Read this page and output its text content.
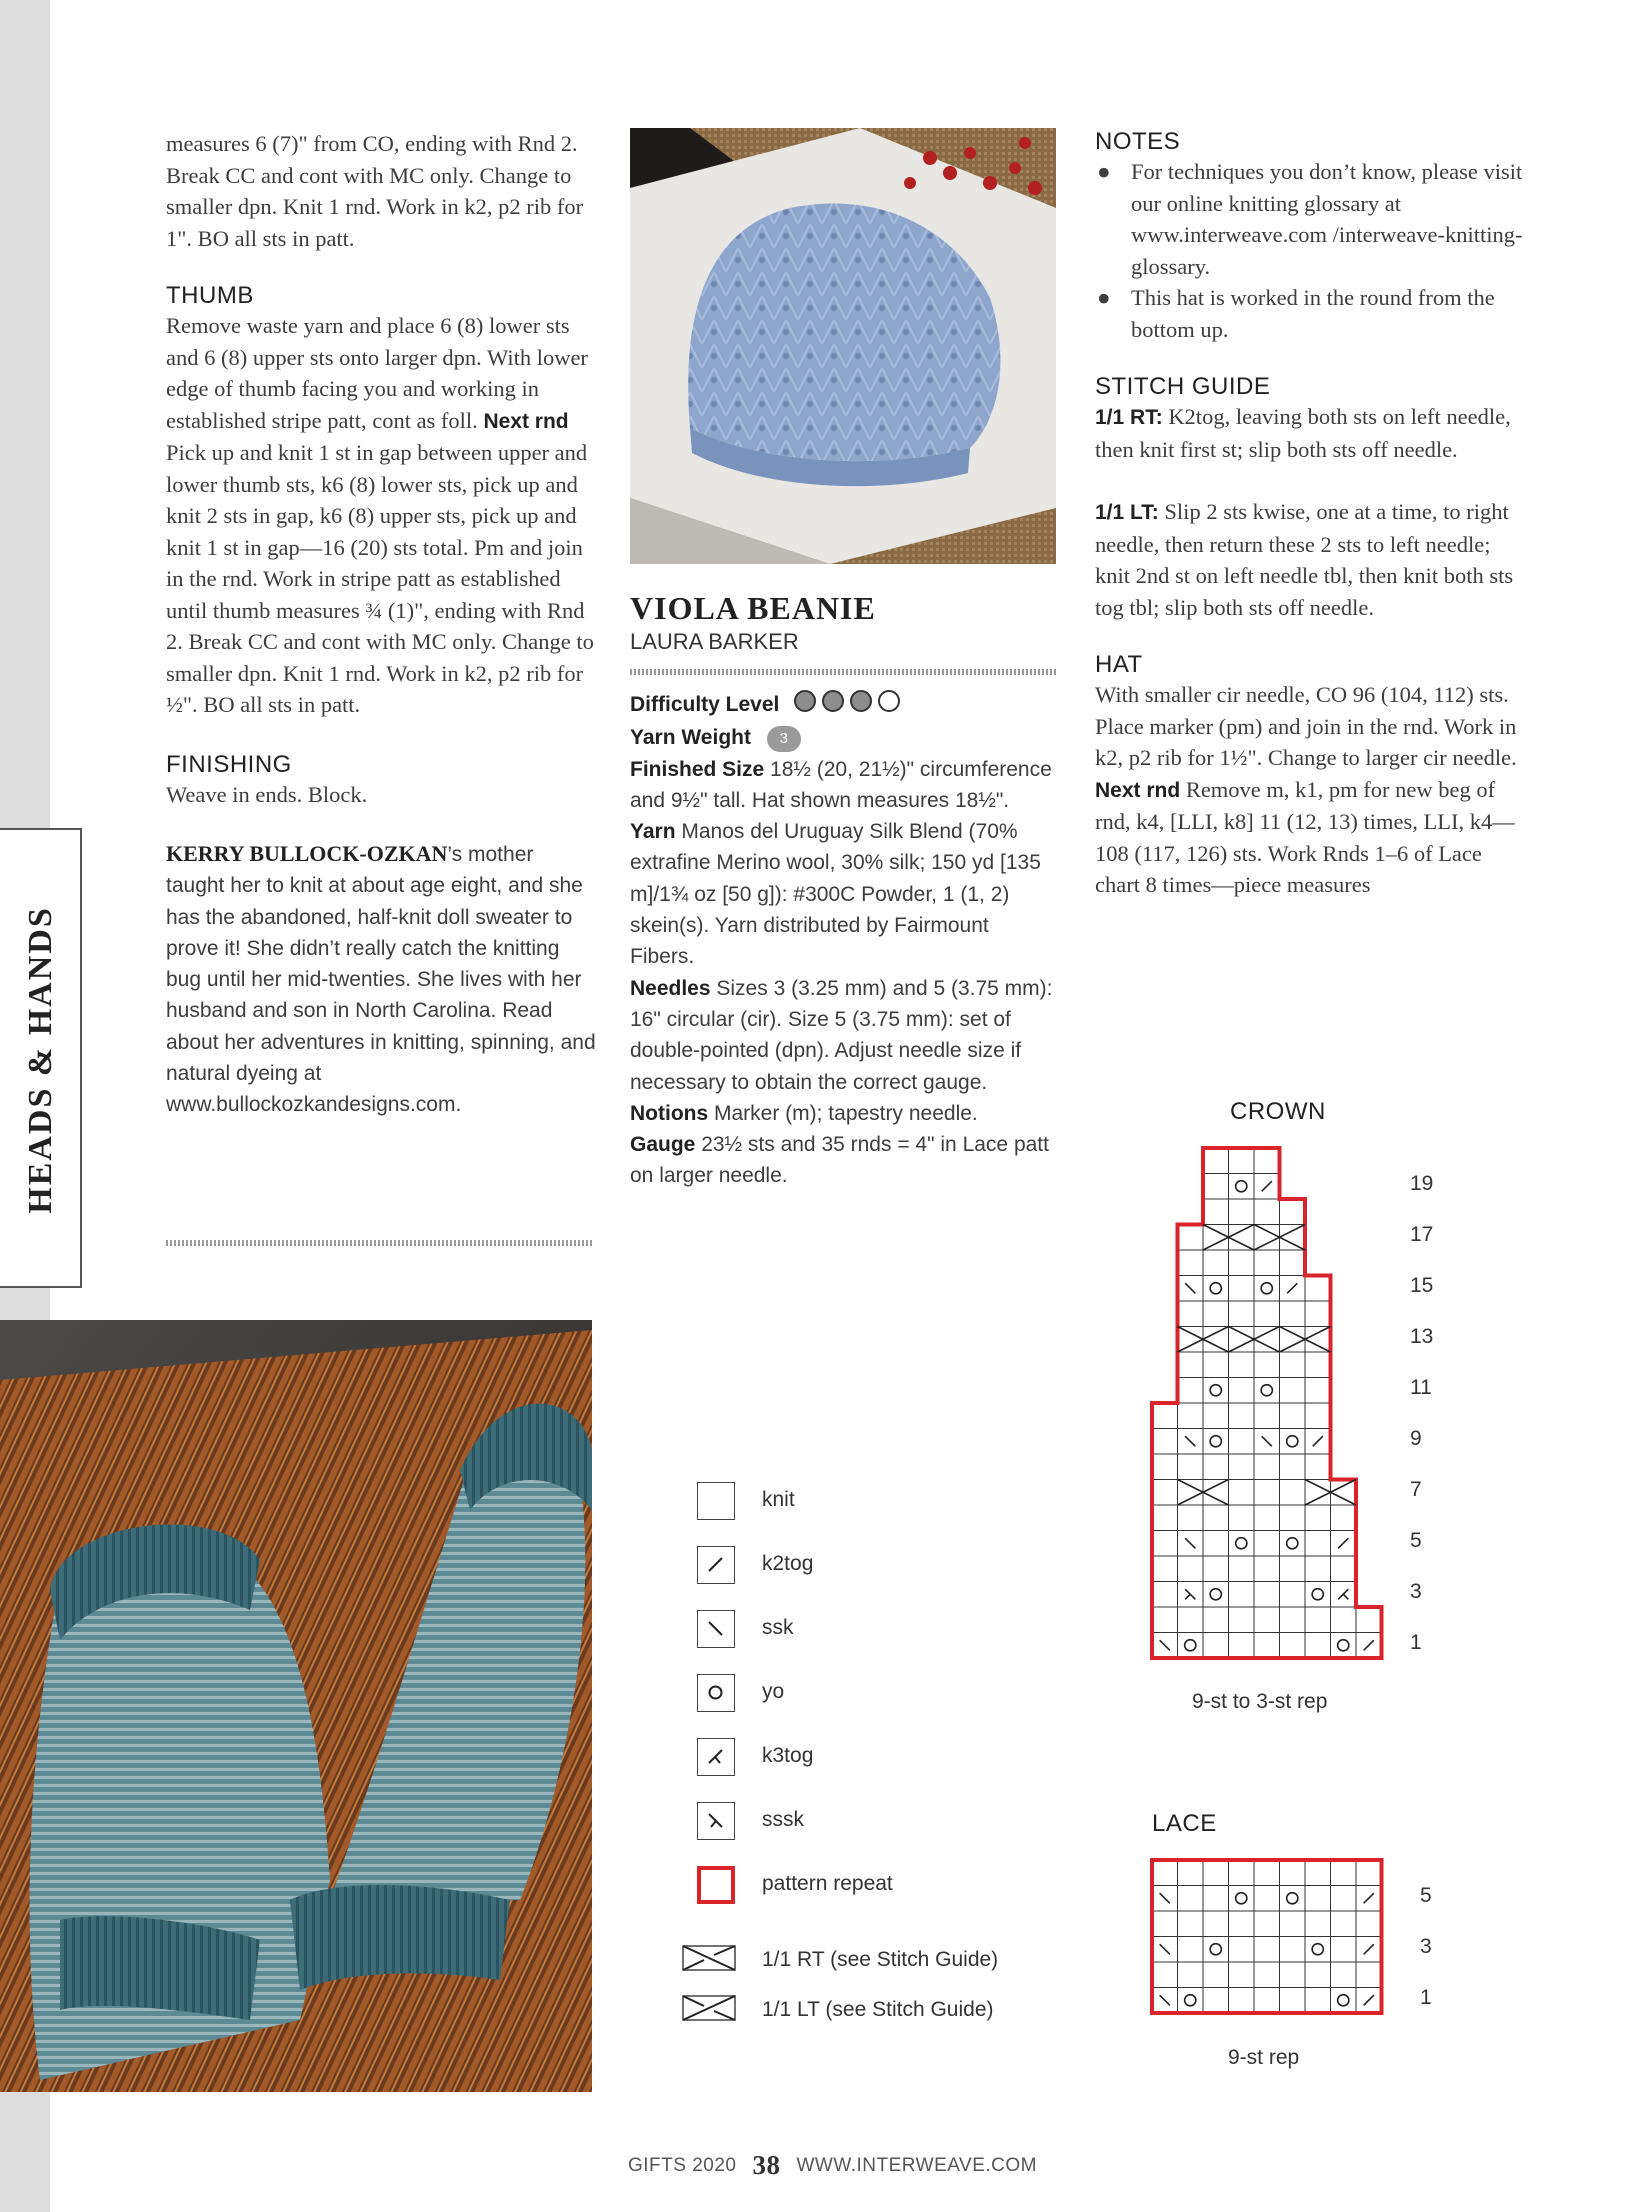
HEADS & HANDS

measures 6 (7)" from CO, ending with Rnd 2. Break CC and cont with MC only. Change to smaller dpn. Knit 1 rnd. Work in k2, p2 rib for 1". BO all sts in patt.

THUMB

Remove waste yarn and place 6 (8) lower sts and 6 (8) upper sts onto larger dpn. With lower edge of thumb facing you and working in established stripe patt, cont as foll. Next rnd Pick up and knit 1 st in gap between upper and lower thumb sts, k6 (8) lower sts, pick up and knit 2 sts in gap, k6 (8) upper sts, pick up and knit 1 st in gap—16 (20) sts total. Pm and join in the rnd. Work in stripe patt as established until thumb measures ¾ (1)", ending with Rnd 2. Break CC and cont with MC only. Change to smaller dpn. Knit 1 rnd. Work in k2, p2 rib for ½". BO all sts in patt.

FINISHING

Weave in ends. Block.

KERRY BULLOCK-OZKAN’s mother taught her to knit at about age eight, and she has the abandoned, half-knit doll sweater to prove it! She didn’t really catch the knitting bug until her mid-twenties. She lives with her husband and son in North Carolina. Read about her adventures in knitting, spinning, and natural dyeing at www.bullockozkandesigns.com.

VIOLA BEANIE
LAURA BARKER
Difficulty Level
Yarn Weight 3

Finished Size 18½ (20, 21½)" circumference and 9½" tall. Hat shown measures 18½".

Yarn Manos del Uruguay Silk Blend (70% extrafine Merino wool, 30% silk; 150 yd [135 m]/1¾ oz [50 g]): #300C Powder, 1 (1, 2) skein(s). Yarn distributed by Fairmount Fibers.

Needles Sizes 3 (3.25 mm) and 5 (3.75 mm): 16" circular (cir). Size 5 (3.75 mm): set of double-pointed (dpn). Adjust needle size if necessary to obtain the correct gauge.

Notions Marker (m); tapestry needle.

Gauge 23½ sts and 35 rnds = 4" in Lace patt on larger needle.

NOTES
● For techniques you don’t know, please visit our online knitting glossary at www.interweave.com /interweave-knitting-glossary.
● This hat is worked in the round from the bottom up.
STITCH GUIDE

1/1 RT: K2tog, leaving both sts on left needle, then knit first st; slip both sts off needle.

1/1 LT: Slip 2 sts kwise, one at a time, to right needle, then return these 2 sts to left needle; knit 2nd st on left needle tbl, then knit both sts tog tbl; slip both sts off needle.

HAT

With smaller cir needle, CO 96 (104, 112) sts. Place marker (pm) and join in the rnd. Work in k2, p2 rib for 1½". Change to larger cir needle. Next rnd Remove m, k1, pm for new beg of rnd, k4, [LLI, k8] 11 (12, 13) times, LLI, k4—108 (117, 126) sts. Work Rnds 1–6 of Lace chart 8 times—piece measures

knit
k2tog
ssk
yo
k3tog
sssk
pattern repeat
1/1 RT (see Stitch Guide)
1/1 LT (see Stitch Guide)
CROWN
19
17
15
13
11
9
7
5
3
1
9-st to 3-st rep
LACE
5
3
1
9-st rep
GIFTS 2020 38 WWW.INTERWEAVE.COM
